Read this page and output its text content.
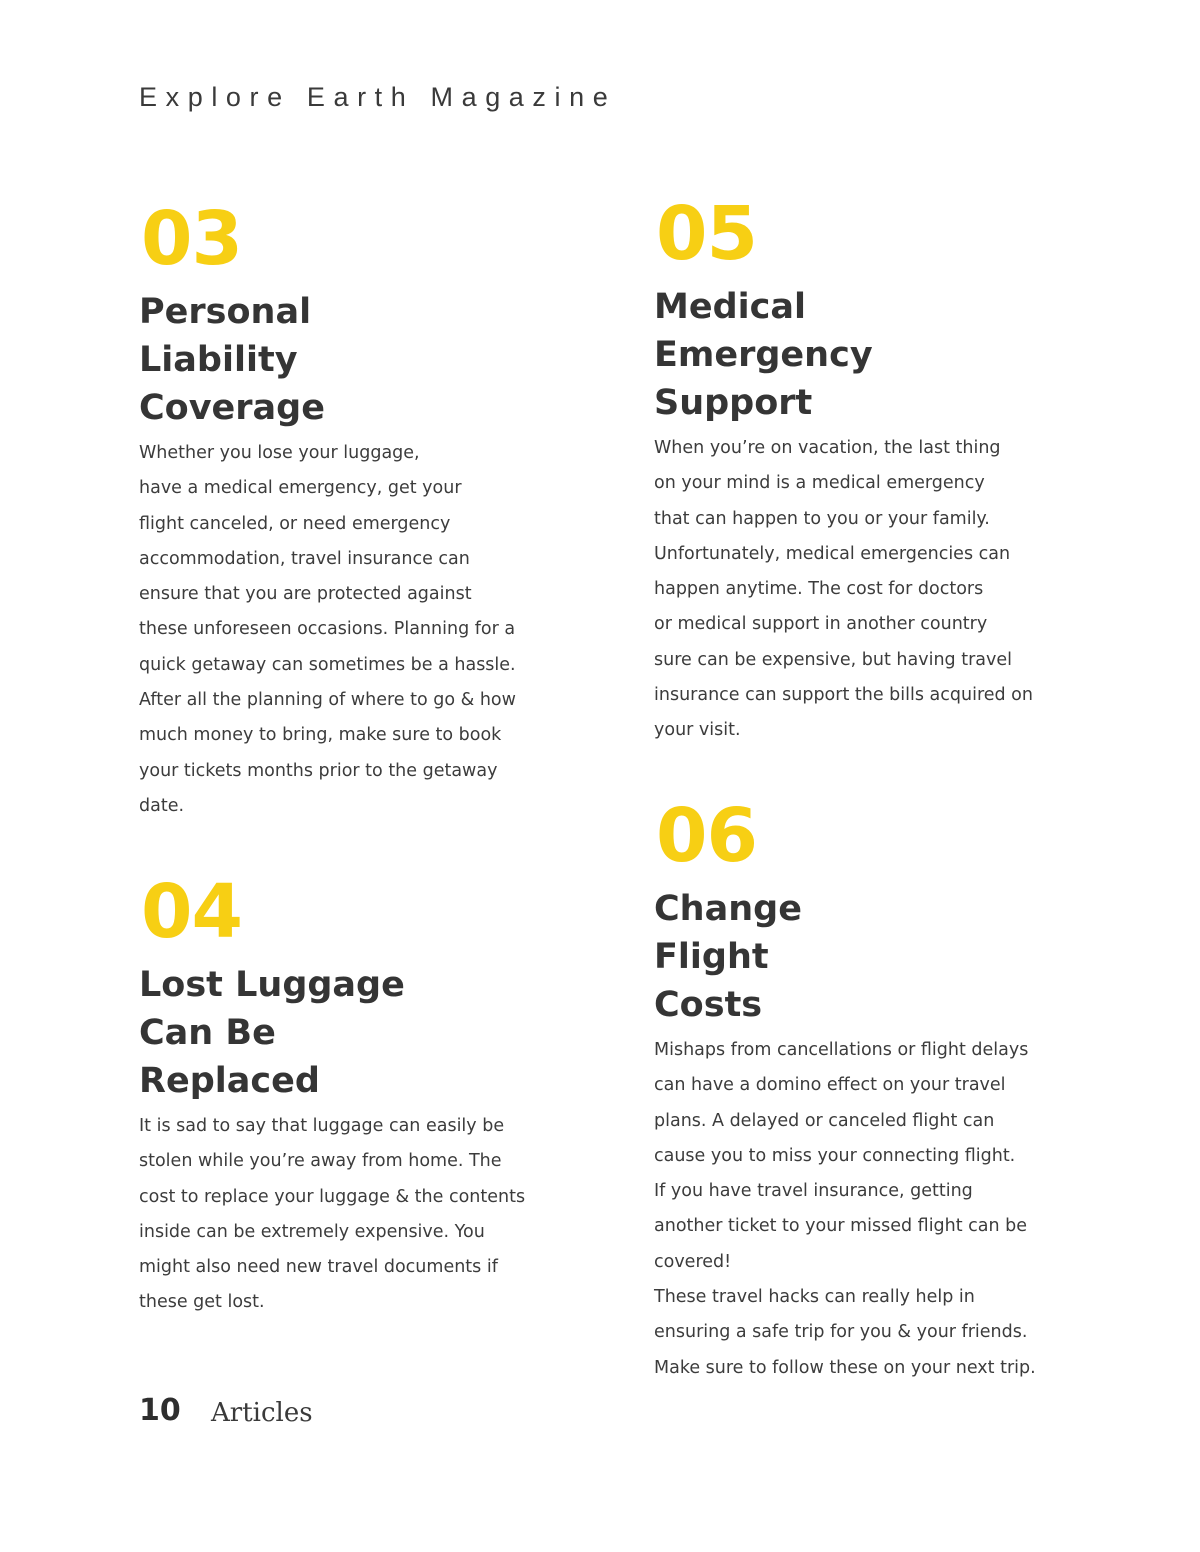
Explore Earth Magazine
03
Personal
Liability
Coverage
Whether you lose your luggage,
have a medical emergency, get your
flight canceled, or need emergency
accommodation, travel insurance can
ensure that you are protected against
these unforeseen occasions. Planning for a
quick getaway can sometimes be a hassle.
After all the planning of where to go & how
much money to bring, make sure to book
your tickets months prior to the getaway
date.
04
Lost Luggage
Can Be
Replaced
It is sad to say that luggage can easily be
stolen while you’re away from home. The
cost to replace your luggage & the contents
inside can be extremely expensive. You
might also need new travel documents if
these get lost.
05
Medical
Emergency
Support
When you’re on vacation, the last thing
on your mind is a medical emergency
that can happen to you or your family.
Unfortunately, medical emergencies can
happen anytime. The cost for doctors
or medical support in another country
sure can be expensive, but having travel
insurance can support the bills acquired on
your visit.
06
Change
Flight
Costs
Mishaps from cancellations or flight delays
can have a domino effect on your travel
plans. A delayed or canceled flight can
cause you to miss your connecting flight.
If you have travel insurance, getting
another ticket to your missed flight can be
covered!
These travel hacks can really help in
ensuring a safe trip for you & your friends.
Make sure to follow these on your next trip.
10 Articles
